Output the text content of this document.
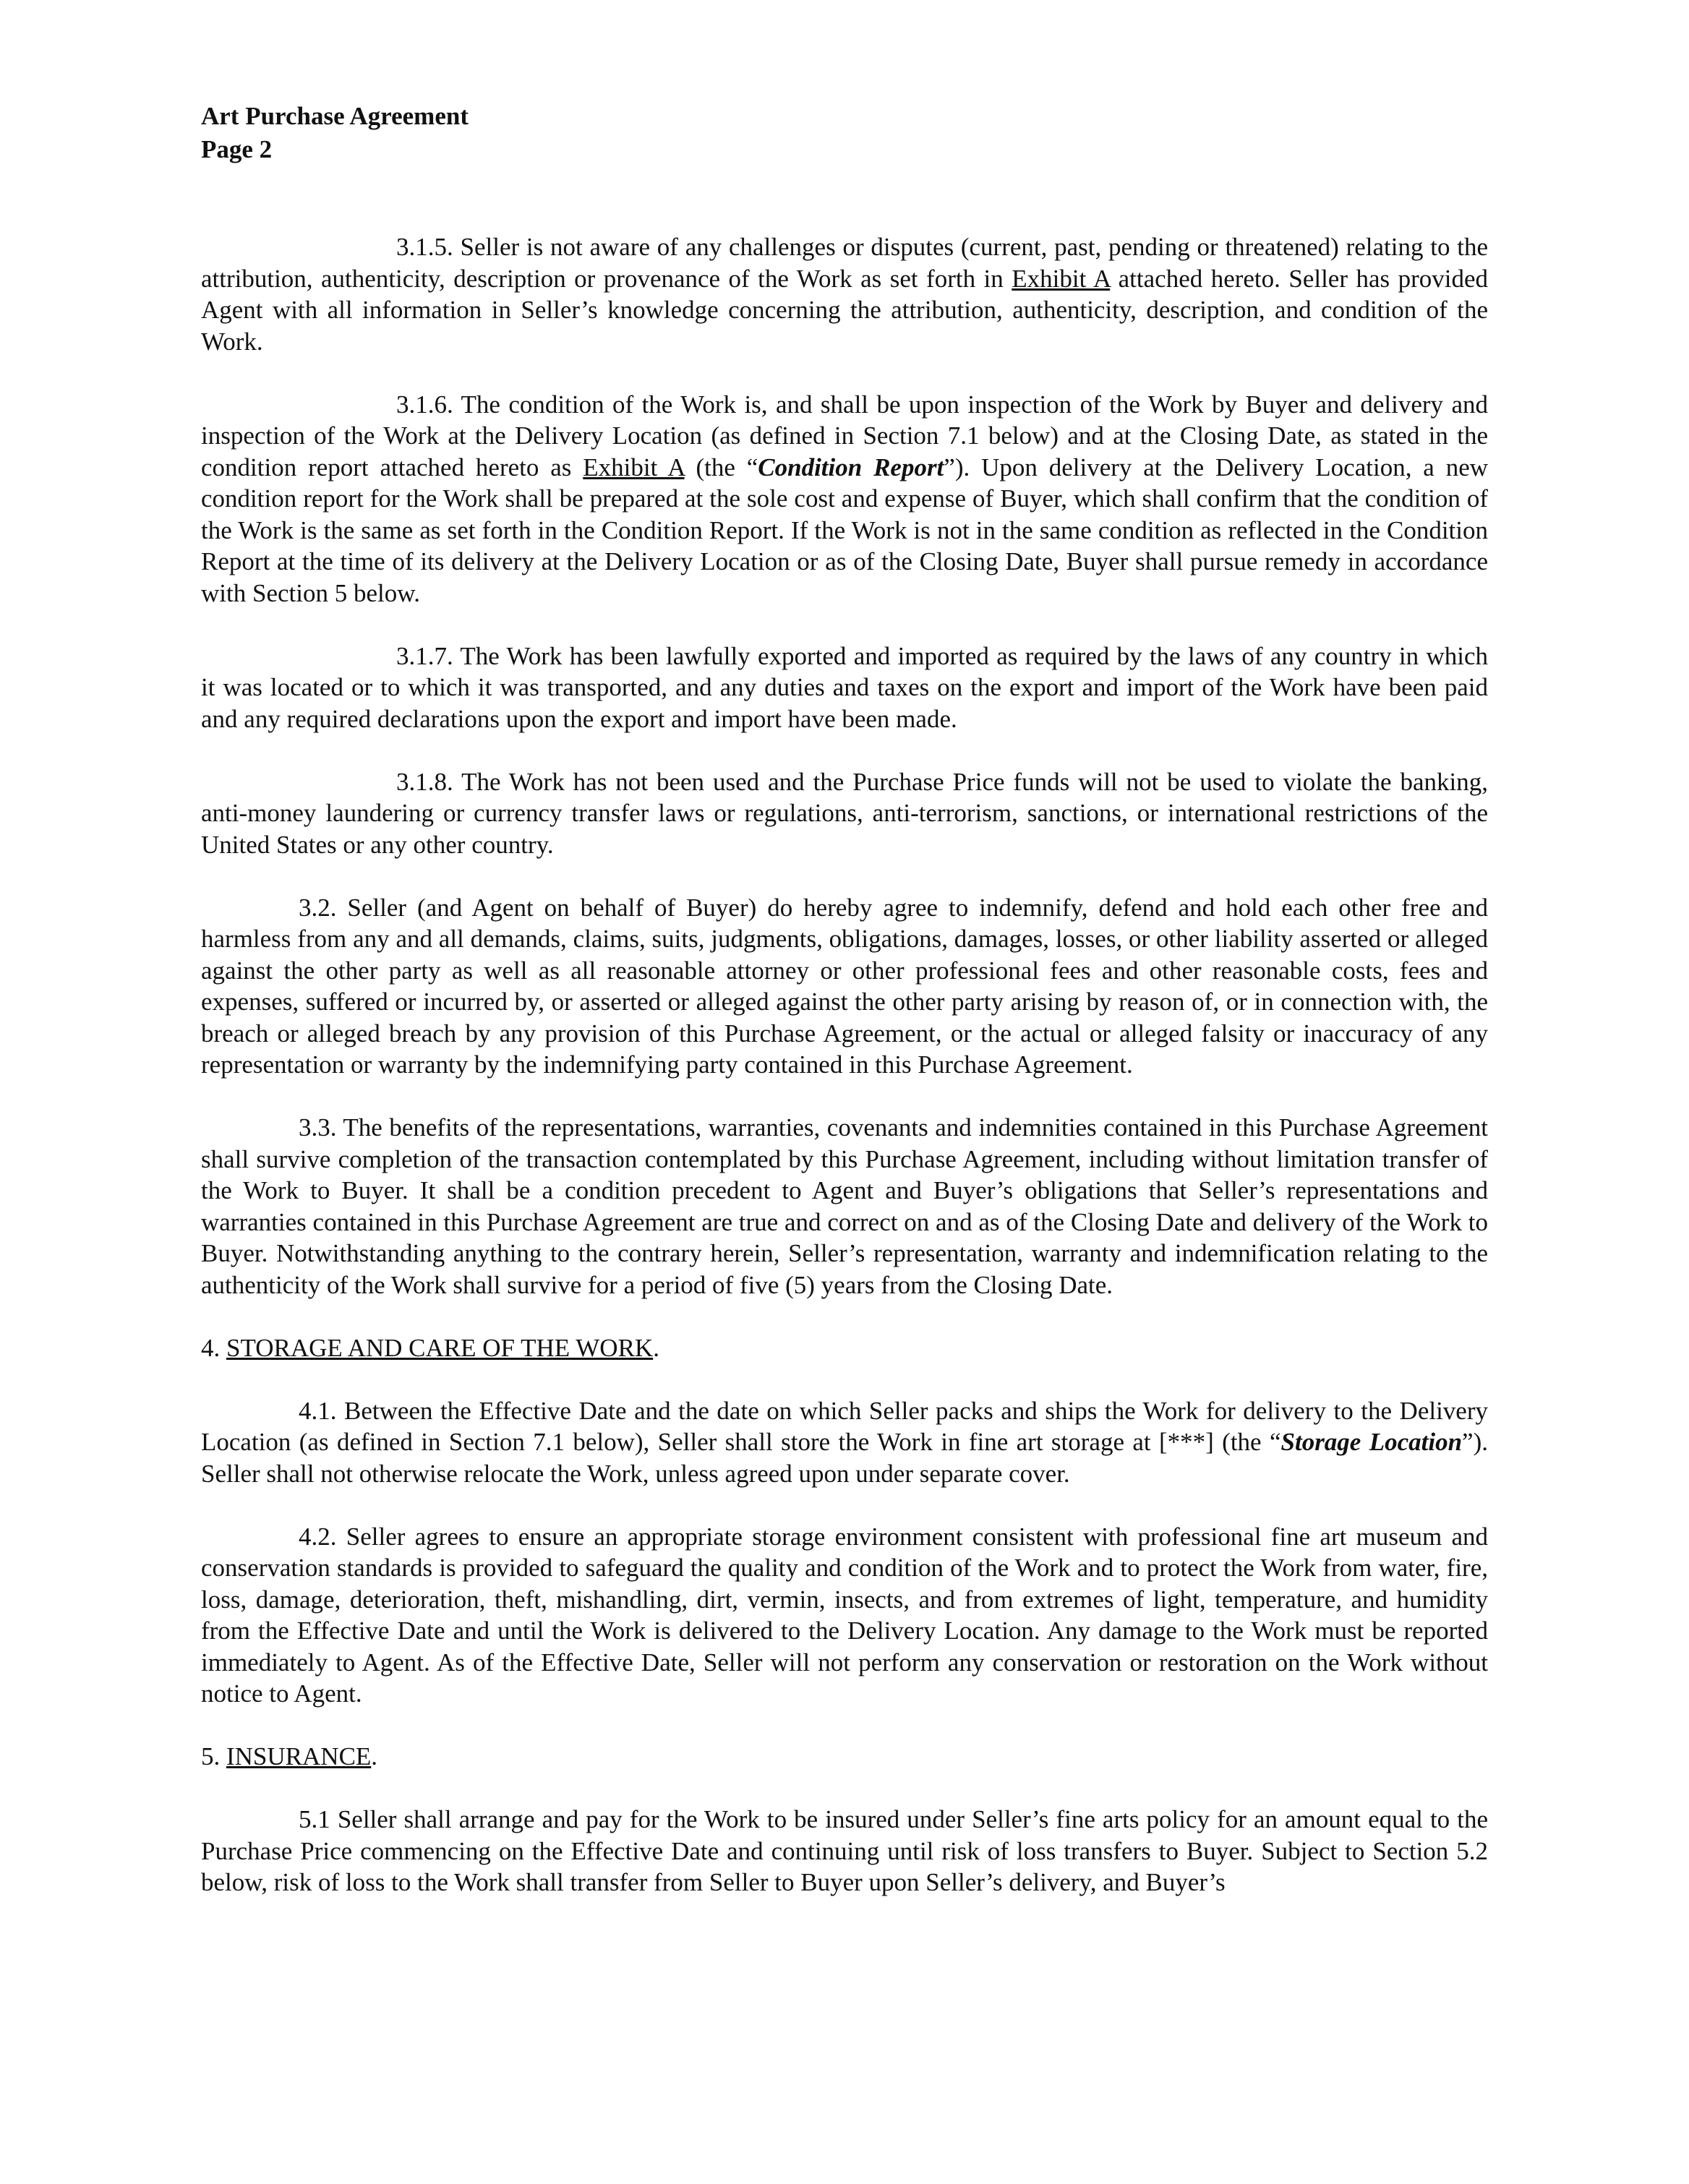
Art Purchase Agreement
Page 2

3.1.5. Seller is not aware of any challenges or disputes (current, past, pending or threatened) relating to the attribution, authenticity, description or provenance of the Work as set forth in Exhibit A attached hereto. Seller has provided Agent with all information in Seller’s knowledge concerning the attribution, authenticity, description, and condition of the Work.

3.1.6. The condition of the Work is, and shall be upon inspection of the Work by Buyer and delivery and inspection of the Work at the Delivery Location (as defined in Section 7.1 below) and at the Closing Date, as stated in the condition report attached hereto as Exhibit A (the “Condition Report”). Upon delivery at the Delivery Location, a new condition report for the Work shall be prepared at the sole cost and expense of Buyer, which shall confirm that the condition of the Work is the same as set forth in the Condition Report. If the Work is not in the same condition as reflected in the Condition Report at the time of its delivery at the Delivery Location or as of the Closing Date, Buyer shall pursue remedy in accordance with Section 5 below.

3.1.7. The Work has been lawfully exported and imported as required by the laws of any country in which it was located or to which it was transported, and any duties and taxes on the export and import of the Work have been paid and any required declarations upon the export and import have been made.

3.1.8. The Work has not been used and the Purchase Price funds will not be used to violate the banking, anti-money laundering or currency transfer laws or regulations, anti-terrorism, sanctions, or international restrictions of the United States or any other country.

3.2. Seller (and Agent on behalf of Buyer) do hereby agree to indemnify, defend and hold each other free and harmless from any and all demands, claims, suits, judgments, obligations, damages, losses, or other liability asserted or alleged against the other party as well as all reasonable attorney or other professional fees and other reasonable costs, fees and expenses, suffered or incurred by, or asserted or alleged against the other party arising by reason of, or in connection with, the breach or alleged breach by any provision of this Purchase Agreement, or the actual or alleged falsity or inaccuracy of any representation or warranty by the indemnifying party contained in this Purchase Agreement.

3.3. The benefits of the representations, warranties, covenants and indemnities contained in this Purchase Agreement shall survive completion of the transaction contemplated by this Purchase Agreement, including without limitation transfer of the Work to Buyer. It shall be a condition precedent to Agent and Buyer’s obligations that Seller’s representations and warranties contained in this Purchase Agreement are true and correct on and as of the Closing Date and delivery of the Work to Buyer. Notwithstanding anything to the contrary herein, Seller’s representation, warranty and indemnification relating to the authenticity of the Work shall survive for a period of five (5) years from the Closing Date.

4. STORAGE AND CARE OF THE WORK.

4.1. Between the Effective Date and the date on which Seller packs and ships the Work for delivery to the Delivery Location (as defined in Section 7.1 below), Seller shall store the Work in fine art storage at [***] (the “Storage Location”). Seller shall not otherwise relocate the Work, unless agreed upon under separate cover.

4.2. Seller agrees to ensure an appropriate storage environment consistent with professional fine art museum and conservation standards is provided to safeguard the quality and condition of the Work and to protect the Work from water, fire, loss, damage, deterioration, theft, mishandling, dirt, vermin, insects, and from extremes of light, temperature, and humidity from the Effective Date and until the Work is delivered to the Delivery Location. Any damage to the Work must be reported immediately to Agent. As of the Effective Date, Seller will not perform any conservation or restoration on the Work without notice to Agent.

5. INSURANCE.

5.1 Seller shall arrange and pay for the Work to be insured under Seller’s fine arts policy for an amount equal to the Purchase Price commencing on the Effective Date and continuing until risk of loss transfers to Buyer. Subject to Section 5.2 below, risk of loss to the Work shall transfer from Seller to Buyer upon Seller’s delivery, and Buyer’s
